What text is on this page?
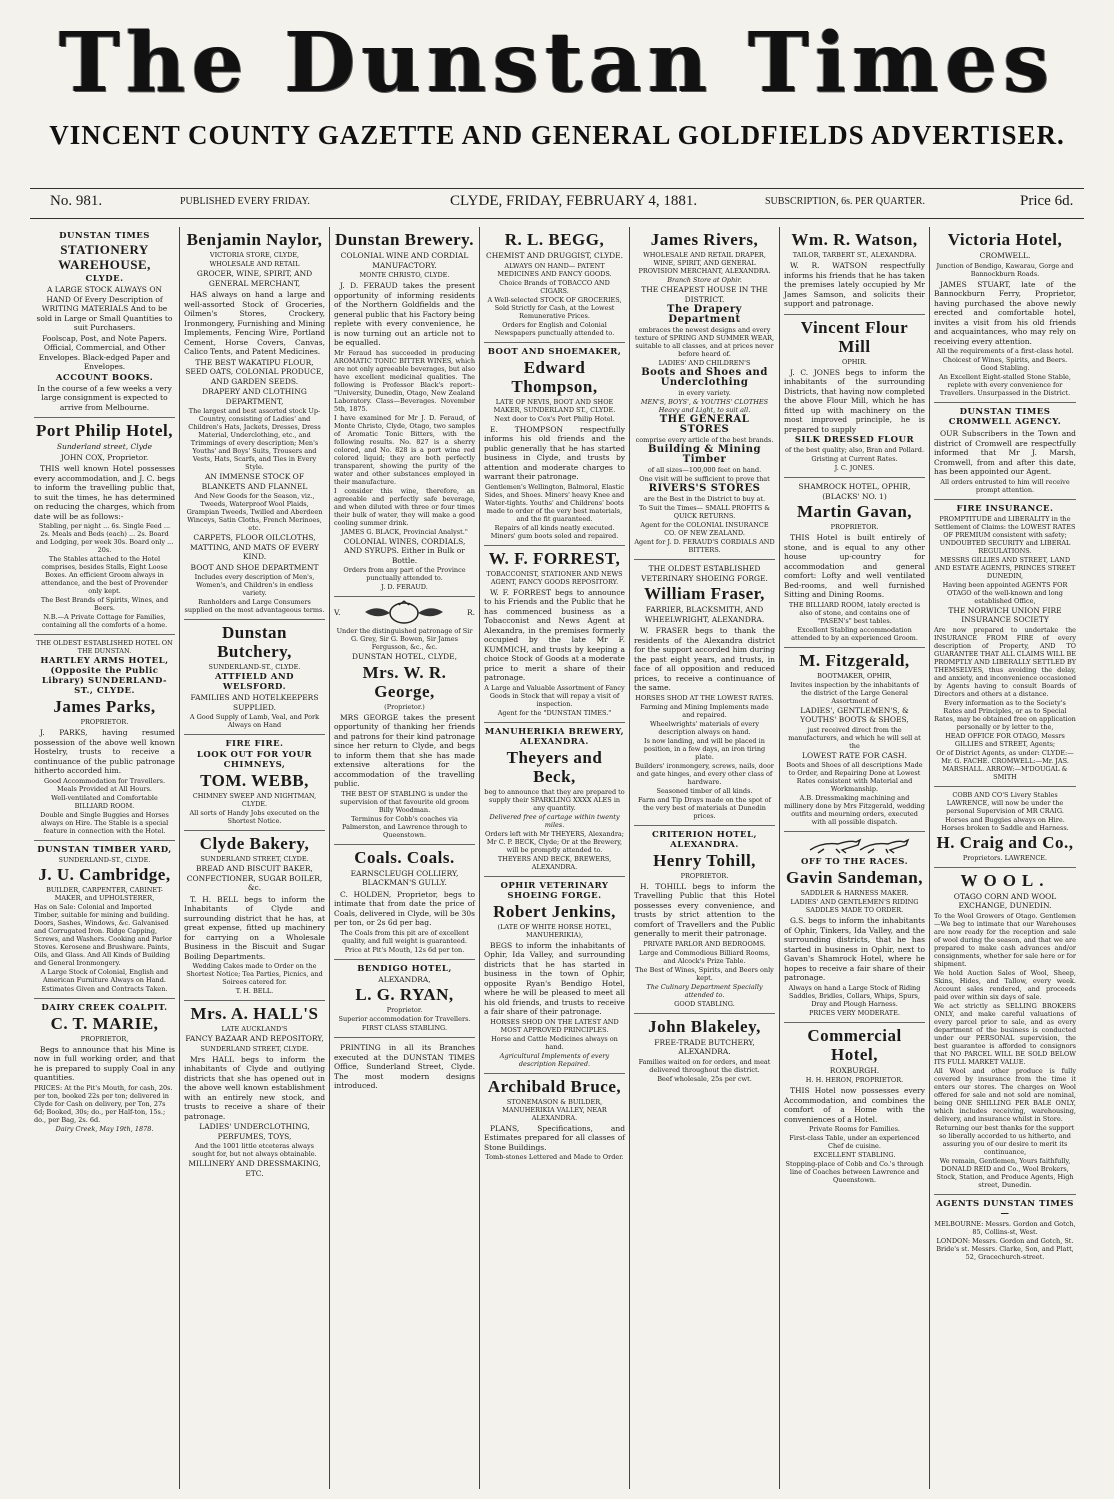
The Dunstan Times
VINCENT COUNTY GAZETTE AND GENERAL GOLDFIELDS ADVERTISER.
No. 981.	PUBLISHED EVERY FRIDAY.	CLYDE, FRIDAY, FEBRUARY 4, 1881.	SUBSCRIPTION, 6s. PER QUARTER.	Price 6d.
DUNSTAN TIMES
STATIONERY WAREHOUSE,
CLYDE.

A LARGE STOCK ALWAYS ON HAND Of Every Description of WRITING MATERIALS And to be sold in Large or Small Quantities to suit Purchasers.

Foolscap, Post, and Note Papers. Official, Commercial, and Other Envelopes. Black-edged Paper and Envelopes.

ACCOUNT BOOKS.

In the course of a few weeks a very large consignment is expected to arrive from Melbourne.

Port Philip Hotel,

Sunderland street, Clyde

JOHN COX, Proprietor.

THIS well known Hotel possesses every accommodation, and J. C. begs to inform the travelling public that, to suit the times, he has determined on reducing the charges, which from date will be as follows:-

Stabling, per night ... 6s. Single Feed ... 2s. Meals and Beds (each) ... 2s. Board and Lodging, per week 30s. Board only ... 20s.

The Stables attached to the Hotel comprises, besides Stalls, Eight Loose Boxes. An efficient Groom always in attendance, and the best of Provender only kept.

The Best Brands of Spirits, Wines, and Beers.

N.B.—A Private Cottage for Families, containing all the comforts of a home.

THE OLDEST ESTABLISHED HOTEL ON THE DUNSTAN.

HARTLEY ARMS HOTEL, (Opposite the Public Library) SUNDERLAND-ST., CLYDE.
James Parks,

PROPRIETOR.

J. PARKS, having resumed possession of the above well known Hostelry, trusts to receive a continuance of the public patronage hitherto accorded him.

Good Accommodation for Travellers. Meals Provided at All Hours.

Well-ventilated and Comfortable BILLIARD ROOM.

Double and Single Buggies and Horses always on Hire. The Stable is a special feature in connection with the Hotel.

DUNSTAN TIMBER YARD,

SUNDERLAND-ST., CLYDE.

J. U. Cambridge,

BUILDER, CARPENTER, CABINET-MAKER, and UPHOLSTERER,

Has on Sale: Colonial and Imported Timber, suitable for mining and building. Doors, Sashes, Windows, &c. Galvanised and Corrugated Iron. Ridge Capping, Screws, and Washers. Cooking and Parlor Stoves. Kerosene and Brushware. Paints, Oils, and Glass. And All Kinds of Building and General Ironmongery.

A Large Stock of Colonial, English and American Furniture Always on Hand.

Estimates Given and Contracts Taken.

DAIRY CREEK COALPIT.
C. T. MARIE,

PROPRIETOR,

Begs to announce that his Mine is now in full working order, and that he is prepared to supply Coal in any quantities.

PRICES: At the Pit's Mouth, for cash, 20s. per ton, booked 22s per ton; delivered in Clyde for Cash on delivery, per Ton, 27s 6d; Booked, 30s; do., per Half-ton, 15s.; do., per Bag, 2s. 6d.

Dairy Creek, May 19th, 1878.

Benjamin Naylor,

VICTORIA STORE, CLYDE,

WHOLESALE AND RETAIL

GROCER, WINE, SPIRIT, AND GENERAL MERCHANT,

HAS always on hand a large and well-assorted Stock of Groceries, Oilmen's Stores, Crockery, Ironmongery, Furnishing and Mining Implements, Fencing Wire, Portland Cement, Horse Covers, Canvas, Calico Tents, and Patent Medicines.

THE BEST WAKATIPU FLOUR, SEED OATS, COLONIAL PRODUCE, AND GARDEN SEEDS.

DRAPERY AND CLOTHING DEPARTMENT,

The largest and best assorted stock Up-Country, consisting of Ladies' and Children's Hats, Jackets, Dresses, Dress Material, Underclothing, etc., and Trimmings of every description; Men's Youths' and Boys' Suits, Trousers and Vests, Hats, Scarfs, and Ties in Every Style.

AN IMMENSE STOCK OF BLANKETS AND FLANNEL

And New Goods for the Season, viz., Tweeds, Waterproof Wool Plaids, Grampian Tweeds, Twilled and Aberdeen Winceys, Satin Cloths, French Merinoes, etc.

CARPETS, FLOOR OILCLOTHS, MATTING, AND MATS OF EVERY KIND.

BOOT AND SHOE DEPARTMENT

Includes every description of Men's, Women's, and Children's in endless variety.

Runholders and Large Consumers supplied on the most advantageous terms.

Dunstan Butchery,

SUNDERLAND-ST., CLYDE.

ATTFIELD AND WELSFORD.

FAMILIES AND HOTELKEEPERS SUPPLIED.

A Good Supply of Lamb, Veal, and Pork Always on Hand

FIRE FIRE.
LOOK OUT FOR YOUR CHIMNEYS,
TOM. WEBB,

CHIMNEY SWEEP AND NIGHTMAN, CLYDE.

All sorts of Handy Jobs executed on the Shortest Notice.

Clyde Bakery,

SUNDERLAND STREET, CLYDE.

BREAD AND BISCUIT BAKER, CONFECTIONER, SUGAR BOILER, &c.

T. H. BELL begs to inform the Inhabitants of Clyde and surrounding district that he has, at great expense, fitted up machinery for carrying on a Wholesale Business in the Biscuit and Sugar Boiling Departments.

Wedding Cakes made to Order on the Shortest Notice; Tea Parties, Picnics, and Soirees catered for.

T. H. BELL.

Mrs. A. HALL'S

LATE AUCKLAND'S

FANCY BAZAAR AND REPOSITORY,

SUNDERLAND STREET, CLYDE.

Mrs HALL begs to inform the inhabitants of Clyde and outlying districts that she has opened out in the above well known establishment with an entirely new stock, and trusts to receive a share of their patronage.

LADIES' UNDERCLOTHING, PERFUMES, TOYS,

And the 1001 little etceteras always sought for, but not always obtainable.

MILLINERY AND DRESSMAKING, ETC.

Dunstan Brewery.

COLONIAL WINE AND CORDIAL MANUFACTORY.

MONTE CHRISTO, CLYDE.

J. D. FERAUD takes the present opportunity of informing residents of the Northern Goldfields and the general public that his Factory being replete with every convenience, he is now turning out an article not to be equalled.

Mr Feraud has succeeded in producing AROMATIC TONIC BITTER WINES, which are not only agreeable beverages, but also have excellent medicinal qualities. The following is Professor Black's report:- "University, Dunedin, Otago, New Zealand Laboratory. Class—Beverages. November 5th, 1875.

I have examined for Mr J. D. Feraud, of Monte Christo, Clyde, Otago, two samples of Aromatic Tonic Bitters, with the following results. No. 827 is a sherry colored, and No. 828 is a port wine red colored liquid; they are both perfectly transparent, showing the purity of the water and other substances employed in their manufacture.

I consider this wine, therefore, an agreeable and perfectly safe beverage, and when diluted with three or four times their bulk of water, they will make a good cooling summer drink.

JAMES G. BLACK, Provincial Analyst."

COLONIAL WINES, CORDIALS, AND SYRUPS. Either in Bulk or Bottle.

Orders from any part of the Province punctually attended to.

J. D. FERAUD.

V.	R.

Under the distinguished patronage of Sir G. Grey, Sir G. Bowen, Sir James Fergusson, &c., &c.

DUNSTAN HOTEL, CLYDE,

Mrs. W. R. George,

(Proprietor.)

MRS GEORGE takes the present opportunity of thanking her friends and patrons for their kind patronage since her return to Clyde, and begs to inform them that she has made extensive alterations for the accommodation of the travelling public.

THE BEST OF STABLING is under the supervision of that favourite old groom Billy Woodman.

Terminus for Cobb's coaches via Palmerston, and Lawrence through to Queenstown.

Coals. Coals.

EARNSCLEUGH COLLIERY, BLACKMAN'S GULLY.

C. HOLDEN, Proprietor, begs to intimate that from date the price of Coals, delivered in Clyde, will be 30s per ton, or 2s 6d per bag.

The Coals from this pit are of excellent quality, and full weight is guaranteed.

Price at Pit's Mouth, 12s 6d per ton.

BENDIGO HOTEL,

ALEXANDRA,

L. G. RYAN,

Proprietor.

Superior accommodation for Travellers.

FIRST CLASS STABLING.

PRINTING in all its Branches executed at the DUNSTAN TIMES Office, Sunderland Street, Clyde. The most modern designs introduced.

R. L. BEGG,

CHEMIST AND DRUGGIST, CLYDE.

ALWAYS ON HAND— PATENT MEDICINES AND FANCY GOODS.

Choice Brands of TOBACCO AND CIGARS.

A Well-selected STOCK OF GROCERIES, Sold Strictly for Cash, at the Lowest Remunerative Prices.

Orders for English and Colonial Newspapers punctually attended to.

BOOT AND SHOEMAKER,
Edward Thompson,

LATE OF NEVIS, BOOT AND SHOE MAKER, SUNDERLAND ST., CLYDE.

Next door to Cox's Port Philip Hotel.

E. THOMPSON respectfully informs his old friends and the public generally that he has started business in Clyde, and trusts by attention and moderate charges to warrant their patronage.

Gentlemen's Wellington, Balmoral, Elastic Sides, and Shoes. Miners' heavy Knee and Water-tights. Youths' and Childrens' boots made to order of the very best materials, and the fit guaranteed.

Repairs of all kinds neatly executed. Miners' gum boots soled and repaired.

W. F. FORREST,

TOBACCONIST, STATIONER AND NEWS AGENT, FANCY GOODS REPOSITORY.

W. F. FORREST begs to announce to his Friends and the Public that he has commenced business as a Tobacconist and News Agent at Alexandra, in the premises formerly occupied by the late Mr F. KUMMICH, and trusts by keeping a choice Stock of Goods at a moderate price to merit a share of their patronage.

A Large and Valuable Assortment of Fancy Goods in Stock that will repay a visit of inspection.

Agent for the "DUNSTAN TIMES."

MANUHERIKIA BREWERY, ALEXANDRA.
Theyers and Beck,

beg to announce that they are prepared to supply their SPARKLING XXXX ALES in any quantity.

Delivered free of cartage within twenty miles.

Orders left with Mr THEYERS, Alexandra; Mr C. P. BECK, Clyde; Or at the Brewery, will be promptly attended to.

THEYERS AND BECK, BREWERS, ALEXANDRA.

OPHIR VETERINARY SHOEING FORGE.
Robert Jenkins,

(LATE OF WHITE HORSE HOTEL, MANUHERIKIA),

BEGS to inform the inhabitants of Ophir, Ida Valley, and surrounding districts that he has started in business in the town of Ophir, opposite Ryan's Bendigo Hotel, where he will be pleased to meet all his old friends, and trusts to receive a fair share of their patronage.

HORSES SHOD ON THE LATEST AND MOST APPROVED PRINCIPLES.

Horse and Cattle Medicines always on hand.

Agricultural Implements of every description Repaired.

Archibald Bruce,

STONEMASON & BUILDER, MANUHERIKIA VALLEY, NEAR ALEXANDRA.

PLANS, Specifications, and Estimates prepared for all classes of Stone Buildings.

Tomb-stones Lettered and Made to Order.

James Rivers,

WHOLESALE AND RETAIL DRAPER, WINE, SPIRIT, AND GENERAL PROVISION MERCHANT, ALEXANDRA.

Branch Store at Ophir.

THE CHEAPEST HOUSE IN THE DISTRICT.

The Drapery Department

embraces the newest designs and every texture of SPRING AND SUMMER WEAR, suitable to all classes, and at prices never before heard of.

LADIES' AND CHILDREN'S

Boots and Shoes and Underclothing

in every variety.

MEN'S, BOYS', & YOUTHS' CLOTHES Heavy and Light, to suit all.

THE GENERAL STORES

comprise every article of the best brands.

Building & Mining Timber

of all sizes—100,000 feet on hand.

One visit will be sufficient to prove that

RIVERS'S STORES

are the Best in the District to buy at.

To Suit the Times— SMALL PROFITS & QUICK RETURNS.

Agent for the COLONIAL INSURANCE CO. OF NEW ZEALAND.

Agent for J. D. FERAUD'S CORDIALS AND BITTERS.

THE OLDEST ESTABLISHED VETERINARY SHOEING FORGE.

William Fraser,

FARRIER, BLACKSMITH, AND WHEELWRIGHT, ALEXANDRA.

W. FRASER begs to thank the residents of the Alexandra district for the support accorded him during the past eight years, and trusts, in face of all opposition and reduced prices, to receive a continuance of the same.

HORSES SHOD AT THE LOWEST RATES.

Farming and Mining Implements made and repaired.

Wheelwrights' materials of every description always on hand.

Is now landing, and will be placed in position, in a few days, an iron tiring plate.

Builders' ironmongery, screws, nails, door and gate hinges, and every other class of hardware.

Seasoned timber of all kinds.

Farm and Tip Drays made on the spot of the very best of materials at Dunedin prices.

CRITERION HOTEL, ALEXANDRA.
Henry Tohill,

PROPRIETOR.

H. TOHILL begs to inform the Travelling Public that this Hotel possesses every convenience, and trusts by strict attention to the comfort of Travellers and the Public generally to merit their patronage.

PRIVATE PARLOR AND BEDROOMS.

Large and Commodious Billiard Rooms, and Alcock's Prize Table.

The Best of Wines, Spirits, and Beers only kept.

The Culinary Department Specially attended to.

GOOD STABLING.

John Blakeley,

FREE-TRADE BUTCHERY, ALEXANDRA.

Families waited on for orders, and meat delivered throughout the district.

Beef wholesale, 25s per cwt.

Wm. R. Watson,

TAILOR, TARBERT ST., ALEXANDRA.

W. R. WATSON respectfully informs his friends that he has taken the premises lately occupied by Mr James Samson, and solicits their support and patronage.

Vincent Flour Mill

OPHIR.

J. C. JONES begs to inform the inhabitants of the surrounding Districts, that having now completed the above Flour Mill, which he has fitted up with machinery on the most improved principle, he is prepared to supply

SILK DRESSED FLOUR

of the best quality; also, Bran and Pollard.

Gristing at Current Rates.

J. C. JONES.

SHAMROCK HOTEL, OPHIR, (BLACKS' NO. 1)

Martin Gavan,

PROPRIETOR.

THIS Hotel is built entirely of stone, and is equal to any other house up-country for accommodation and general comfort: Lofty and well ventilated Bed-rooms, and well furnished Sitting and Dining Rooms.

THE BILLIARD ROOM, lately erected is also of stone, and contains one of "PASEN's" best tables.

Excellent Stabling accommodation attended to by an experienced Groom.

M. Fitzgerald,

BOOTMAKER, OPHIR,

Invites inspection by the inhabitants of the district of the Large General Assortment of

LADIES', GENTLEMEN'S, & YOUTHS' BOOTS & SHOES,

just received direct from the manufacturers, and which he will sell at the

LOWEST RATE FOR CASH.

Boots and Shoes of all descriptions Made to Order, and Repairing Done at Lowest Rates consistent with Material and Workmanship.

A.B. Dressmaking machining and millinery done by Mrs Fitzgerald, wedding outfits and mourning orders, executed with all possible dispatch.

OFF TO THE RACES.
Gavin Sandeman,

SADDLER & HARNESS MAKER.

LADIES' AND GENTLEMEN'S RIDING SADDLES MADE TO ORDER.

G.S. begs to inform the inhabitants of Ophir, Tinkers, Ida Valley, and the surrounding districts, that he has started in business in Ophir, next to Gavan's Shamrock Hotel, where he hopes to receive a fair share of their patronage.

Always on hand a Large Stock of Riding Saddles, Bridles, Collars, Whips, Spurs, Dray and Plough Harness.

PRICES VERY MODERATE.

Commercial Hotel,

ROXBURGH.

H. H. HERON, PROPRIETOR.

THIS Hotel now possesses every Accommodation, and combines the comfort of a Home with the conveniences of a Hotel.

Private Rooms for Families.

First-class Table, under an experienced Chef de cuisine.

EXCELLENT STABLING.

Stopping-place of Cobb and Co.'s through line of Coaches between Lawrence and Queenstown.

Victoria Hotel,

CROMWELL.

Junction of Bendigo, Kawarau, Gorge and Bannockburn Roads.

JAMES STUART, late of the Bannockburn Ferry, Proprietor, having purchased the above newly erected and comfortable hotel, invites a visit from his old friends and acquaintances, who may rely on receiving every attention.

All the requirements of a first-class hotel.

Choicest of Wines, Spirits, and Beers. Good Stabling.

An Excellent Eight-stalled Stone Stable, replete with every convenience for Travellers. Unsurpassed in the District.

DUNSTAN TIMES CROMWELL AGENCY.

OUR Subscribers in the Town and district of Cromwell are respectfully informed that Mr J. Marsh, Cromwell, from and after this date, has been appointed our Agent.

All orders entrusted to him will receive prompt attention.

FIRE INSURANCE.

PROMPTITUDE and LIBERALITY in the Settlement of Claims: the LOWEST RATES OF PREMIUM consistent with safety; UNDOUBTED SECURITY and LIBERAL REGULATIONS.

MESSRS GILLIES AND STREET, LAND AND ESTATE AGENTS, PRINCES STREET DUNEDIN,

Having been appointed AGENTS FOR OTAGO of the well-known and long established Office,

THE NORWICH UNION FIRE INSURANCE SOCIETY

Are now prepared to undertake the INSURANCE FROM FIRE of every description of Property, AND TO GUARANTEE THAT ALL CLAIMS WILL BE PROMPTLY AND LIBERALLY SETTLED BY THEMSELVES, thus avoiding the delay, and anxiety, and inconvenience occasioned by Agents having to consult Boards of Directors and others at a distance.

Every information as to the Society's Rates and Principles, or as to Special Rates, may be obtained free on application personally or by letter to the,

HEAD OFFICE FOR OTAGO, Messrs GILLIES and STREET, Agents;

Or of District Agents, as under: CLYDE:—Mr. G. FACHE. CROMWELL:—Mr. JAS. MARSHALL. ARROW:—M'DOUGAL & SMITH

COBB AND CO'S Livery Stables LAWRENCE, will now be under the personal Supervision of MR CRAIG.

Horses and Buggies always on Hire. Horses broken to Saddle and Harness.

H. Craig and Co.,

Proprietors. LAWRENCE.

WOOL.

OTAGO CORN AND WOOL EXCHANGE, DUNEDIN.

To the Wool Growers of Otago. Gentlemen—We beg to intimate that our Warehouses are now ready for the reception and sale of wool during the season, and that we are prepared to make cash advances and/or consignments, whether for sale here or for shipment.

We hold Auction Sales of Wool, Sheep, Skins, Hides, and Tallow, every week. Account sales rendered, and proceeds paid over within six days of sale.

We act strictly as SELLING BROKERS ONLY, and make careful valuations of every parcel prior to sale, and as every department of the business is conducted under our PERSONAL supervision, the best guarantee is afforded to consignors that NO PARCEL WILL BE SOLD BELOW ITS FULL MARKET VALUE.

All Wool and other produce is fully covered by insurance from the time it enters our stores. The charges on Wool offered for sale and not sold are nominal, being ONE SHILLING PER BALE ONLY, which includes receiving, warehousing, delivery, and insurance whilst in Store.

Returning our best thanks for the support so liberally accorded to us hitherto, and assuring you of our desire to merit its continuance,

We remain, Gentlemen, Yours faithfully, DONALD REID and Co., Wool Brokers, Stock, Station, and Produce Agents, High street, Dunedin.

AGENTS DUNSTAN TIMES—

MELBOURNE: Messrs. Gordon and Gotch, 85, Collins-st, West.

LONDON: Messrs. Gordon and Gotch, St. Bride's st. Messrs. Clarke, Son, and Platt, 52, Gracechurch-street.
